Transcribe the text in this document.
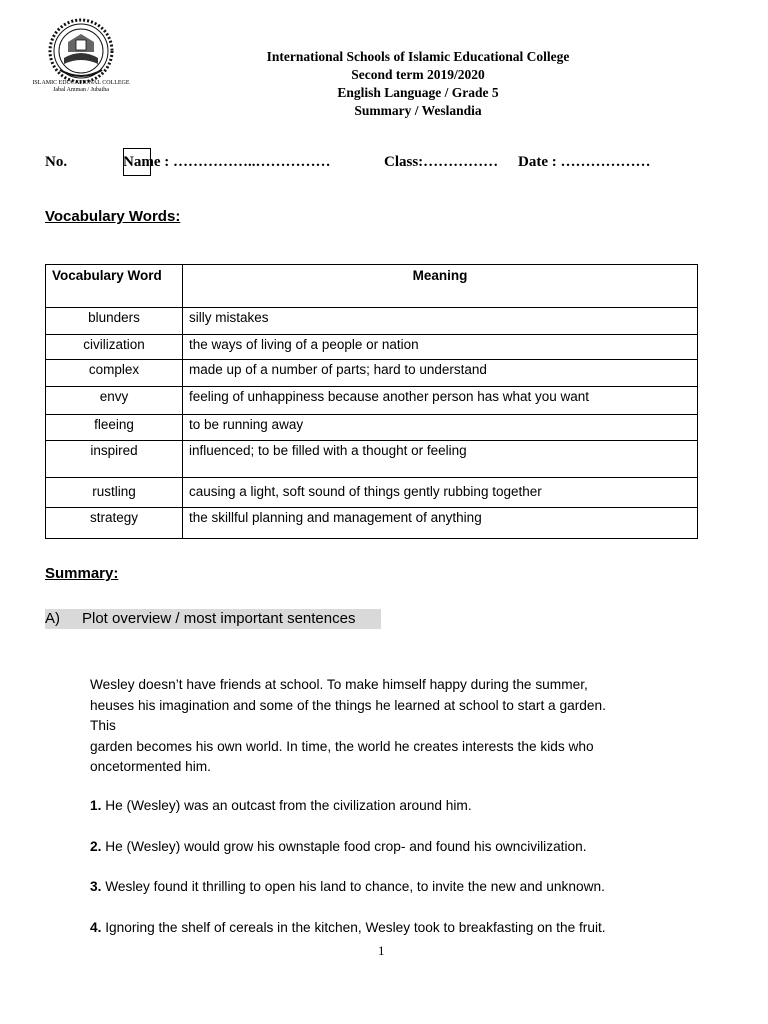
ISLAMIC EDUCATIONAL COLLEGE
Jabal Amman / Jubaiha
International Schools of Islamic Educational College
Second term 2019/2020
English Language / Grade 5
Summary / Weslandia
No.	Name : ……………..……………	Class:…………… Date : ………………
Vocabulary Words:
Vocabulary Word	Meaning
blunders	silly mistakes
civilization	the ways of living of a people or nation
complex	made up of a number of parts; hard to understand
envy	feeling of unhappiness because another person has what you want
fleeing	to be running away
inspired	influenced; to be filled with a thought or feeling
rustling	causing a light, soft sound of things gently rubbing together
strategy	the skillful planning and management of anything
Summary:
A) Plot overview / most important sentences
Wesley doesn’t have friends at school. To make himself happy during the summer,
heuses his imagination and some of the things he learned at school to start a garden.
This
garden becomes his own world. In time, the world he creates interests the kids who
oncetormented him.
1. He (Wesley) was an outcast from the civilization around him.
2. He (Wesley) would grow his ownstaple food crop- and found his owncivilization.
3. Wesley found it thrilling to open his land to chance, to invite the new and unknown.
4. Ignoring the shelf of cereals in the kitchen, Wesley took to breakfasting on the fruit.
1
